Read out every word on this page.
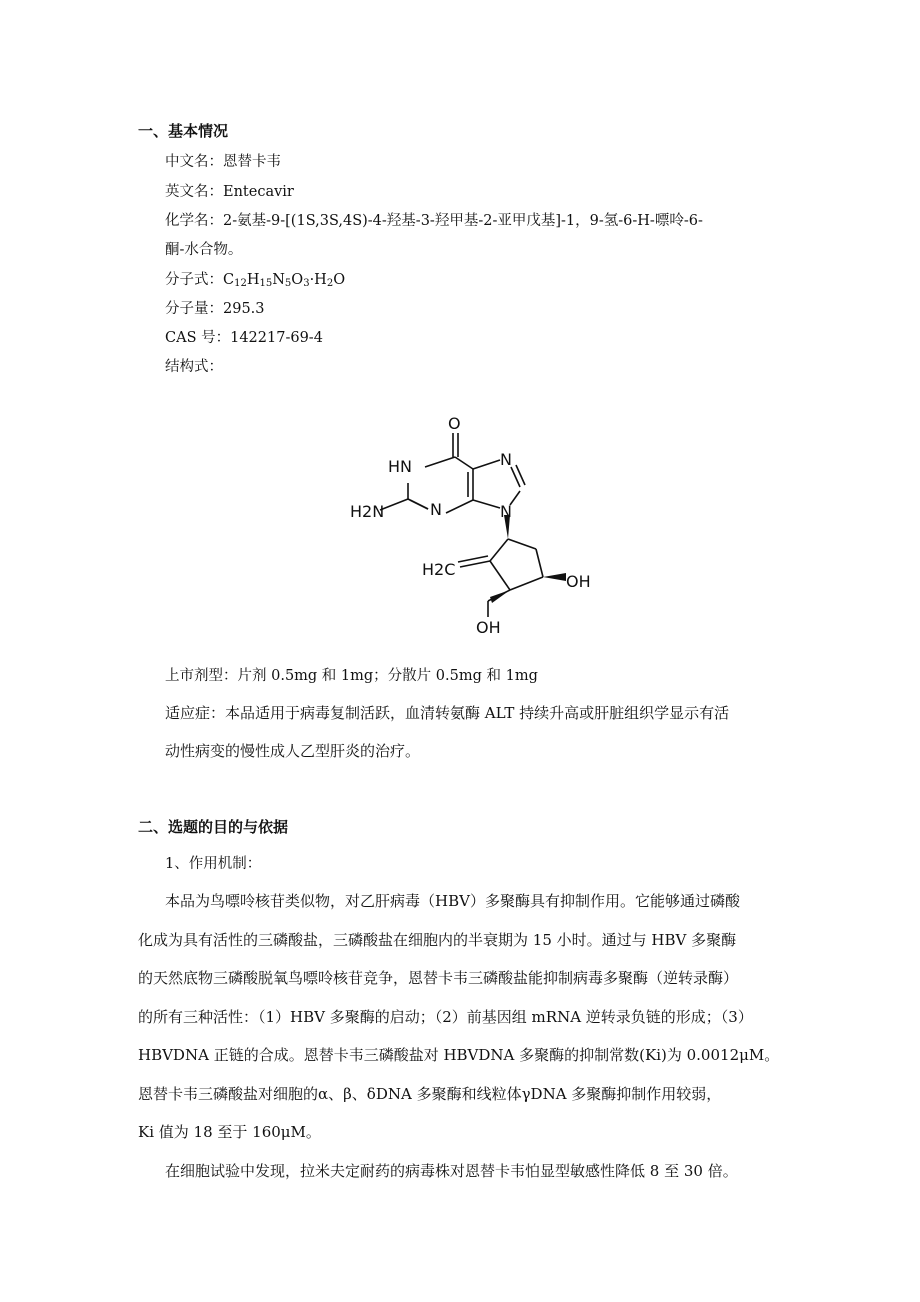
一、基本情况
中文名：恩替卡韦
英文名：Entecavir
化学名：2-氨基-9-[(1S,3S,4S)-4-羟基-3-羟甲基-2-亚甲戊基]-1，9-氢-6-H-嘌呤-6-
酮-水合物。
分子式：$C_{12}H_{15}N_5O_3\cdot H_2O$
分子量：295.3
CAS 号：142217-69-4
结构式：
O
HN	N
N	N
H2N
H2C
OH
OH
上市剂型：片剂 0.5mg 和 1mg；分散片 0.5mg 和 1mg
适应症：本品适用于病毒复制活跃，血清转氨酶 ALT 持续升高或肝脏组织学显示有活
动性病变的慢性成人乙型肝炎的治疗。
二、选题的目的与依据
1、作用机制：
本品为鸟嘌呤核苷类似物，对乙肝病毒（HBV）多聚酶具有抑制作用。它能够通过磷酸
化成为具有活性的三磷酸盐，三磷酸盐在细胞内的半衰期为 15 小时。通过与 HBV 多聚酶
的天然底物三磷酸脱氧鸟嘌呤核苷竞争，恩替卡韦三磷酸盐能抑制病毒多聚酶（逆转录酶）
的所有三种活性：（1）HBV 多聚酶的启动；（2）前基因组 mRNA 逆转录负链的形成；（3）
HBVDNA 正链的合成。恩替卡韦三磷酸盐对 HBVDNA 多聚酶的抑制常数(Ki)为 0.0012μM。
恩替卡韦三磷酸盐对细胞的α、β、δDNA 多聚酶和线粒体γDNA 多聚酶抑制作用较弱，
Ki 值为 18 至于 160μM。
在细胞试验中发现，拉米夫定耐药的病毒株对恩替卡韦怕显型敏感性降低 8 至 30 倍。
